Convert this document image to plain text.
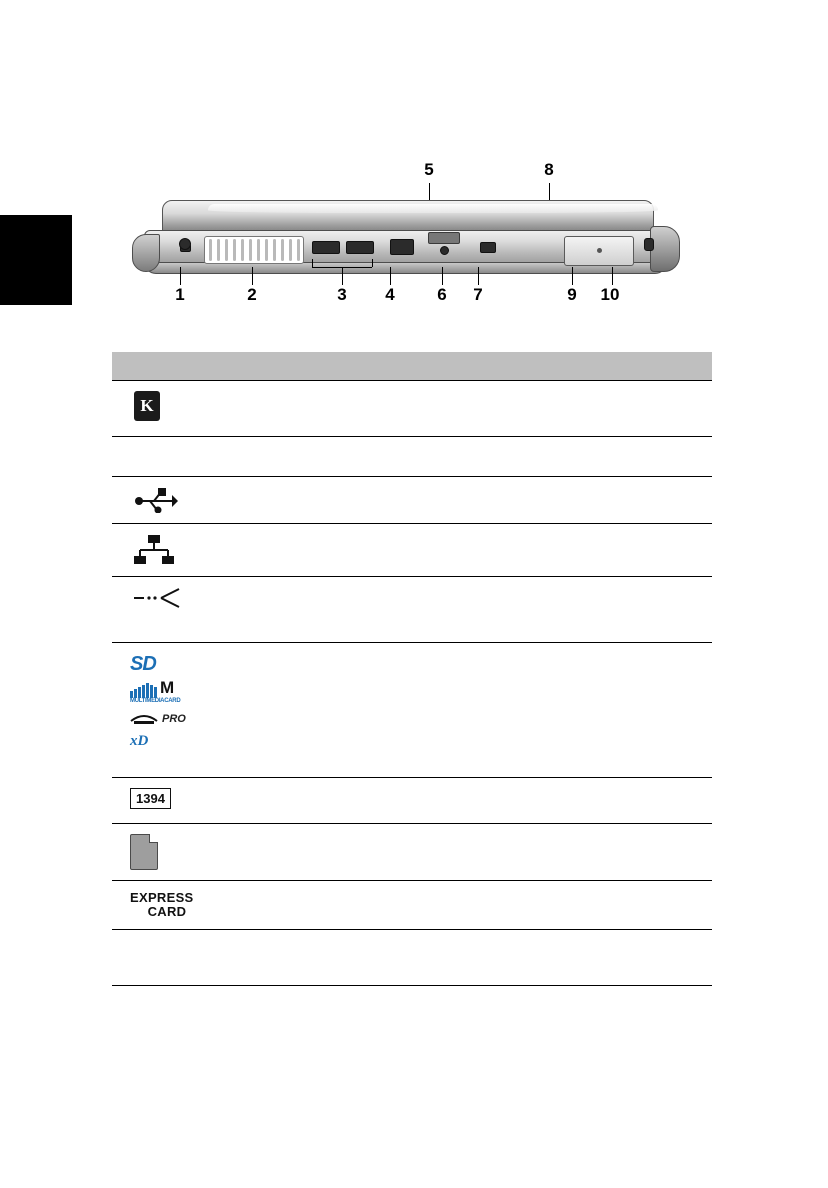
5	8
1	2	3	4	6	7	9	10
K
SD
M
MULTIMEDIACARD
PRO
xD
1394
EXPRESS
CARD
